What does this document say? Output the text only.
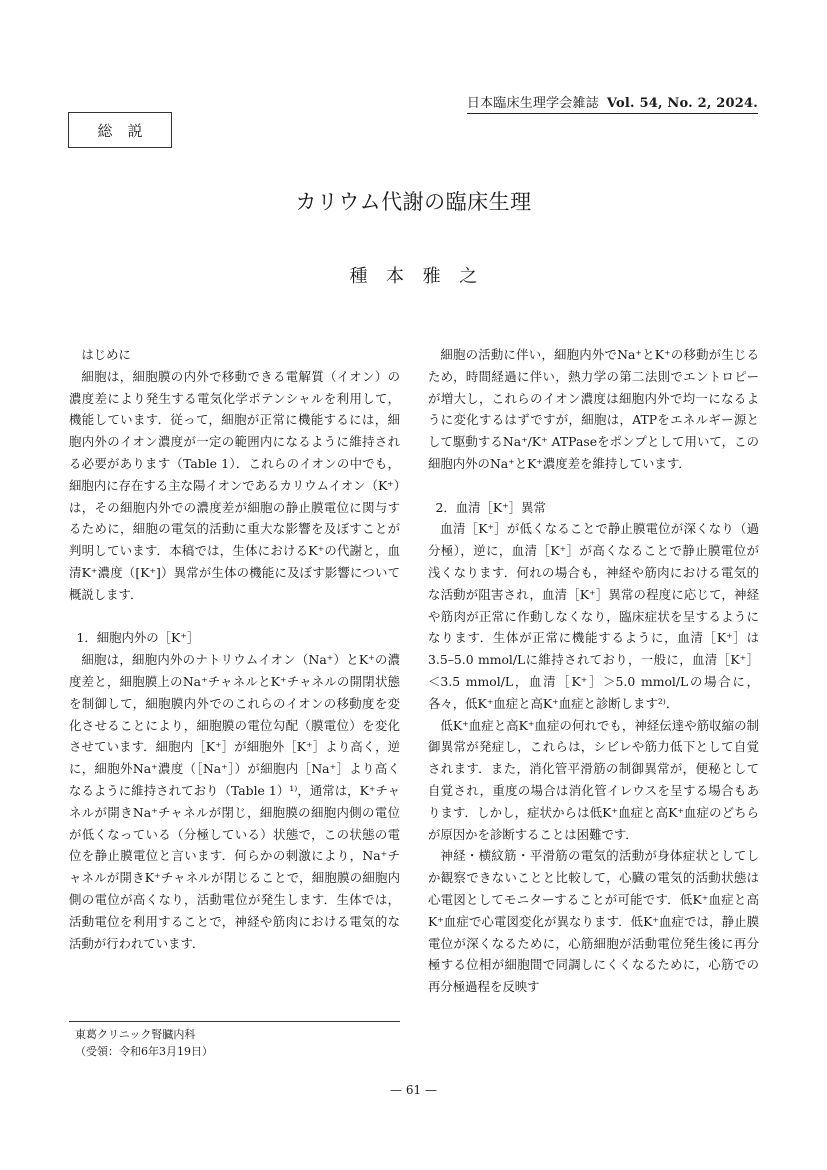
日本臨床生理学会雑誌 Vol. 54, No. 2, 2024.
総　説
カリウム代謝の臨床生理
種　本　雅　之
はじめに

細胞は，細胞膜の内外で移動できる電解質（イオン）の濃度差により発生する電気化学ポテンシャルを利用して，機能しています．従って，細胞が正常に機能するには，細胞内外のイオン濃度が一定の範囲内になるように維持される必要があります（Table 1）．これらのイオンの中でも，細胞内に存在する主な陽イオンであるカリウムイオン（K⁺）は，その細胞内外での濃度差が細胞の静止膜電位に関与するために，細胞の電気的活動に重大な影響を及ぼすことが判明しています．本稿では，生体におけるK⁺の代謝と，血清K⁺濃度（[K⁺]）異常が生体の機能に及ぼす影響について概説します．

1．細胞内外の［K⁺］

細胞は，細胞内外のナトリウムイオン（Na⁺）とK⁺の濃度差と，細胞膜上のNa⁺チャネルとK⁺チャネルの開閉状態を制御して，細胞膜内外でのこれらのイオンの移動度を変化させることにより，細胞膜の電位勾配（膜電位）を変化させています．細胞内［K⁺］が細胞外［K⁺］より高く，逆に，細胞外Na⁺濃度（［Na⁺］）が細胞内［Na⁺］より高くなるように維持されており（Table 1）¹⁾，通常は，K⁺チャネルが開きNa⁺チャネルが閉じ，細胞膜の細胞内側の電位が低くなっている（分極している）状態で，この状態の電位を静止膜電位と言います．何らかの刺激により，Na⁺チャネルが開きK⁺チャネルが閉じることで，細胞膜の細胞内側の電位が高くなり，活動電位が発生します．生体では，活動電位を利用することで，神経や筋肉における電気的な活動が行われています．

細胞の活動に伴い，細胞内外でNa⁺とK⁺の移動が生じるため，時間経過に伴い，熱力学の第二法則でエントロピーが増大し，これらのイオン濃度は細胞内外で均一になるように変化するはずですが，細胞は，ATPをエネルギー源として駆動するNa⁺/K⁺ ATPaseをポンプとして用いて，この細胞内外のNa⁺とK⁺濃度差を維持しています．

2．血清［K⁺］異常

血清［K⁺］が低くなることで静止膜電位が深くなり（過分極），逆に，血清［K⁺］が高くなることで静止膜電位が浅くなります．何れの場合も，神経や筋肉における電気的な活動が阻害され，血清［K⁺］異常の程度に応じて，神経や筋肉が正常に作動しなくなり，臨床症状を呈するようになります．生体が正常に機能するように，血清［K⁺］は3.5–5.0 mmol/Lに維持されており，一般に，血清［K⁺］＜3.5 mmol/L，血清［K⁺］＞5.0 mmol/Lの場合に，各々，低K⁺血症と高K⁺血症と診断します²⁾．

低K⁺血症と高K⁺血症の何れでも，神経伝達や筋収縮の制御異常が発症し，これらは，シビレや筋力低下として自覚されます．また，消化管平滑筋の制御異常が，便秘として自覚され，重度の場合は消化管イレウスを呈する場合もあります．しかし，症状からは低K⁺血症と高K⁺血症のどちらが原因かを診断することは困難です．

神経・横紋筋・平滑筋の電気的活動が身体症状としてしか観察できないことと比較して，心臓の電気的活動状態は心電図としてモニターすることが可能です．低K⁺血症と高K⁺血症で心電図変化が異なります．低K⁺血症では，静止膜電位が深くなるために，心筋細胞が活動電位発生後に再分極する位相が細胞間で同調しにくくなるために，心筋での再分極過程を反映す

東葛クリニック腎臓内科
（受領：令和6年3月19日）
— 61 —
